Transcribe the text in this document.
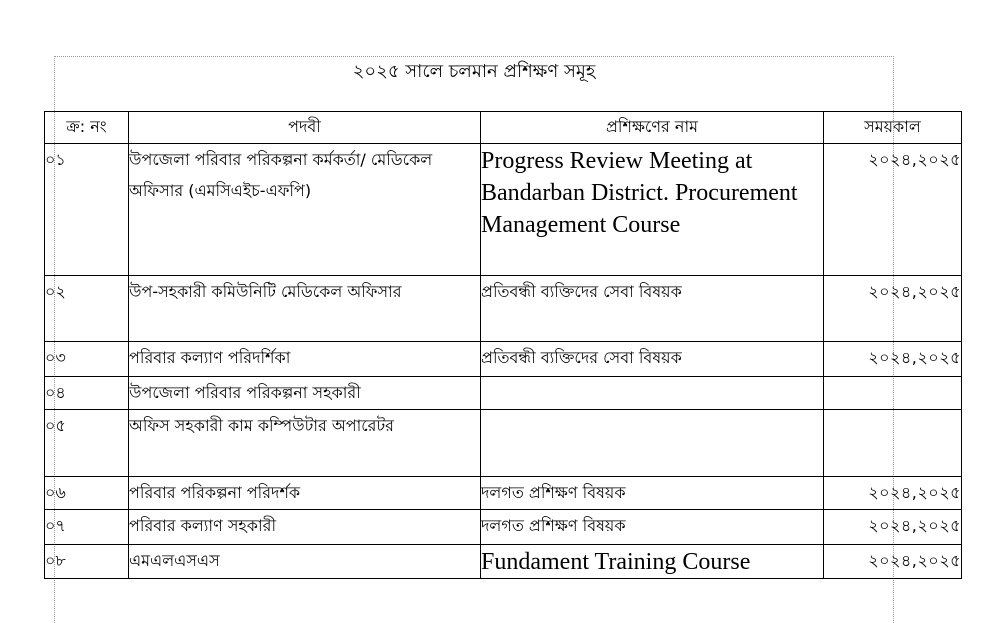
২০২৫ সালে চলমান প্রশিক্ষণ সমূহ
ক্র: নং	পদবী	প্রশিক্ষণের নাম	সময়কাল
০১	উপজেলা পরিবার পরিকল্পনা কর্মকর্তা/ মেডিকেল অফিসার (এমসিএইচ-এফপি)	Progress Review Meeting at Bandarban District. Procurement Management Course	২০২৪,২০২৫
০২	উপ-সহকারী কমিউনিটি মেডিকেল অফিসার	প্রতিবন্ধী ব্যক্তিদের সেবা বিষয়ক	২০২৪,২০২৫
০৩	পরিবার কল্যাণ পরিদর্শিকা	প্রতিবন্ধী ব্যক্তিদের সেবা বিষয়ক	২০২৪,২০২৫
০৪	উপজেলা পরিবার পরিকল্পনা সহকারী		
০৫	অফিস সহকারী কাম কম্পিউটার অপারেটর		
০৬	পরিবার পরিকল্পনা পরিদর্শক	দলগত প্রশিক্ষণ বিষয়ক	২০২৪,২০২৫
০৭	পরিবার কল্যাণ সহকারী	দলগত প্রশিক্ষণ বিষয়ক	২০২৪,২০২৫
০৮	এমএলএসএস	Fundament Training Course	২০২৪,২০২৫
